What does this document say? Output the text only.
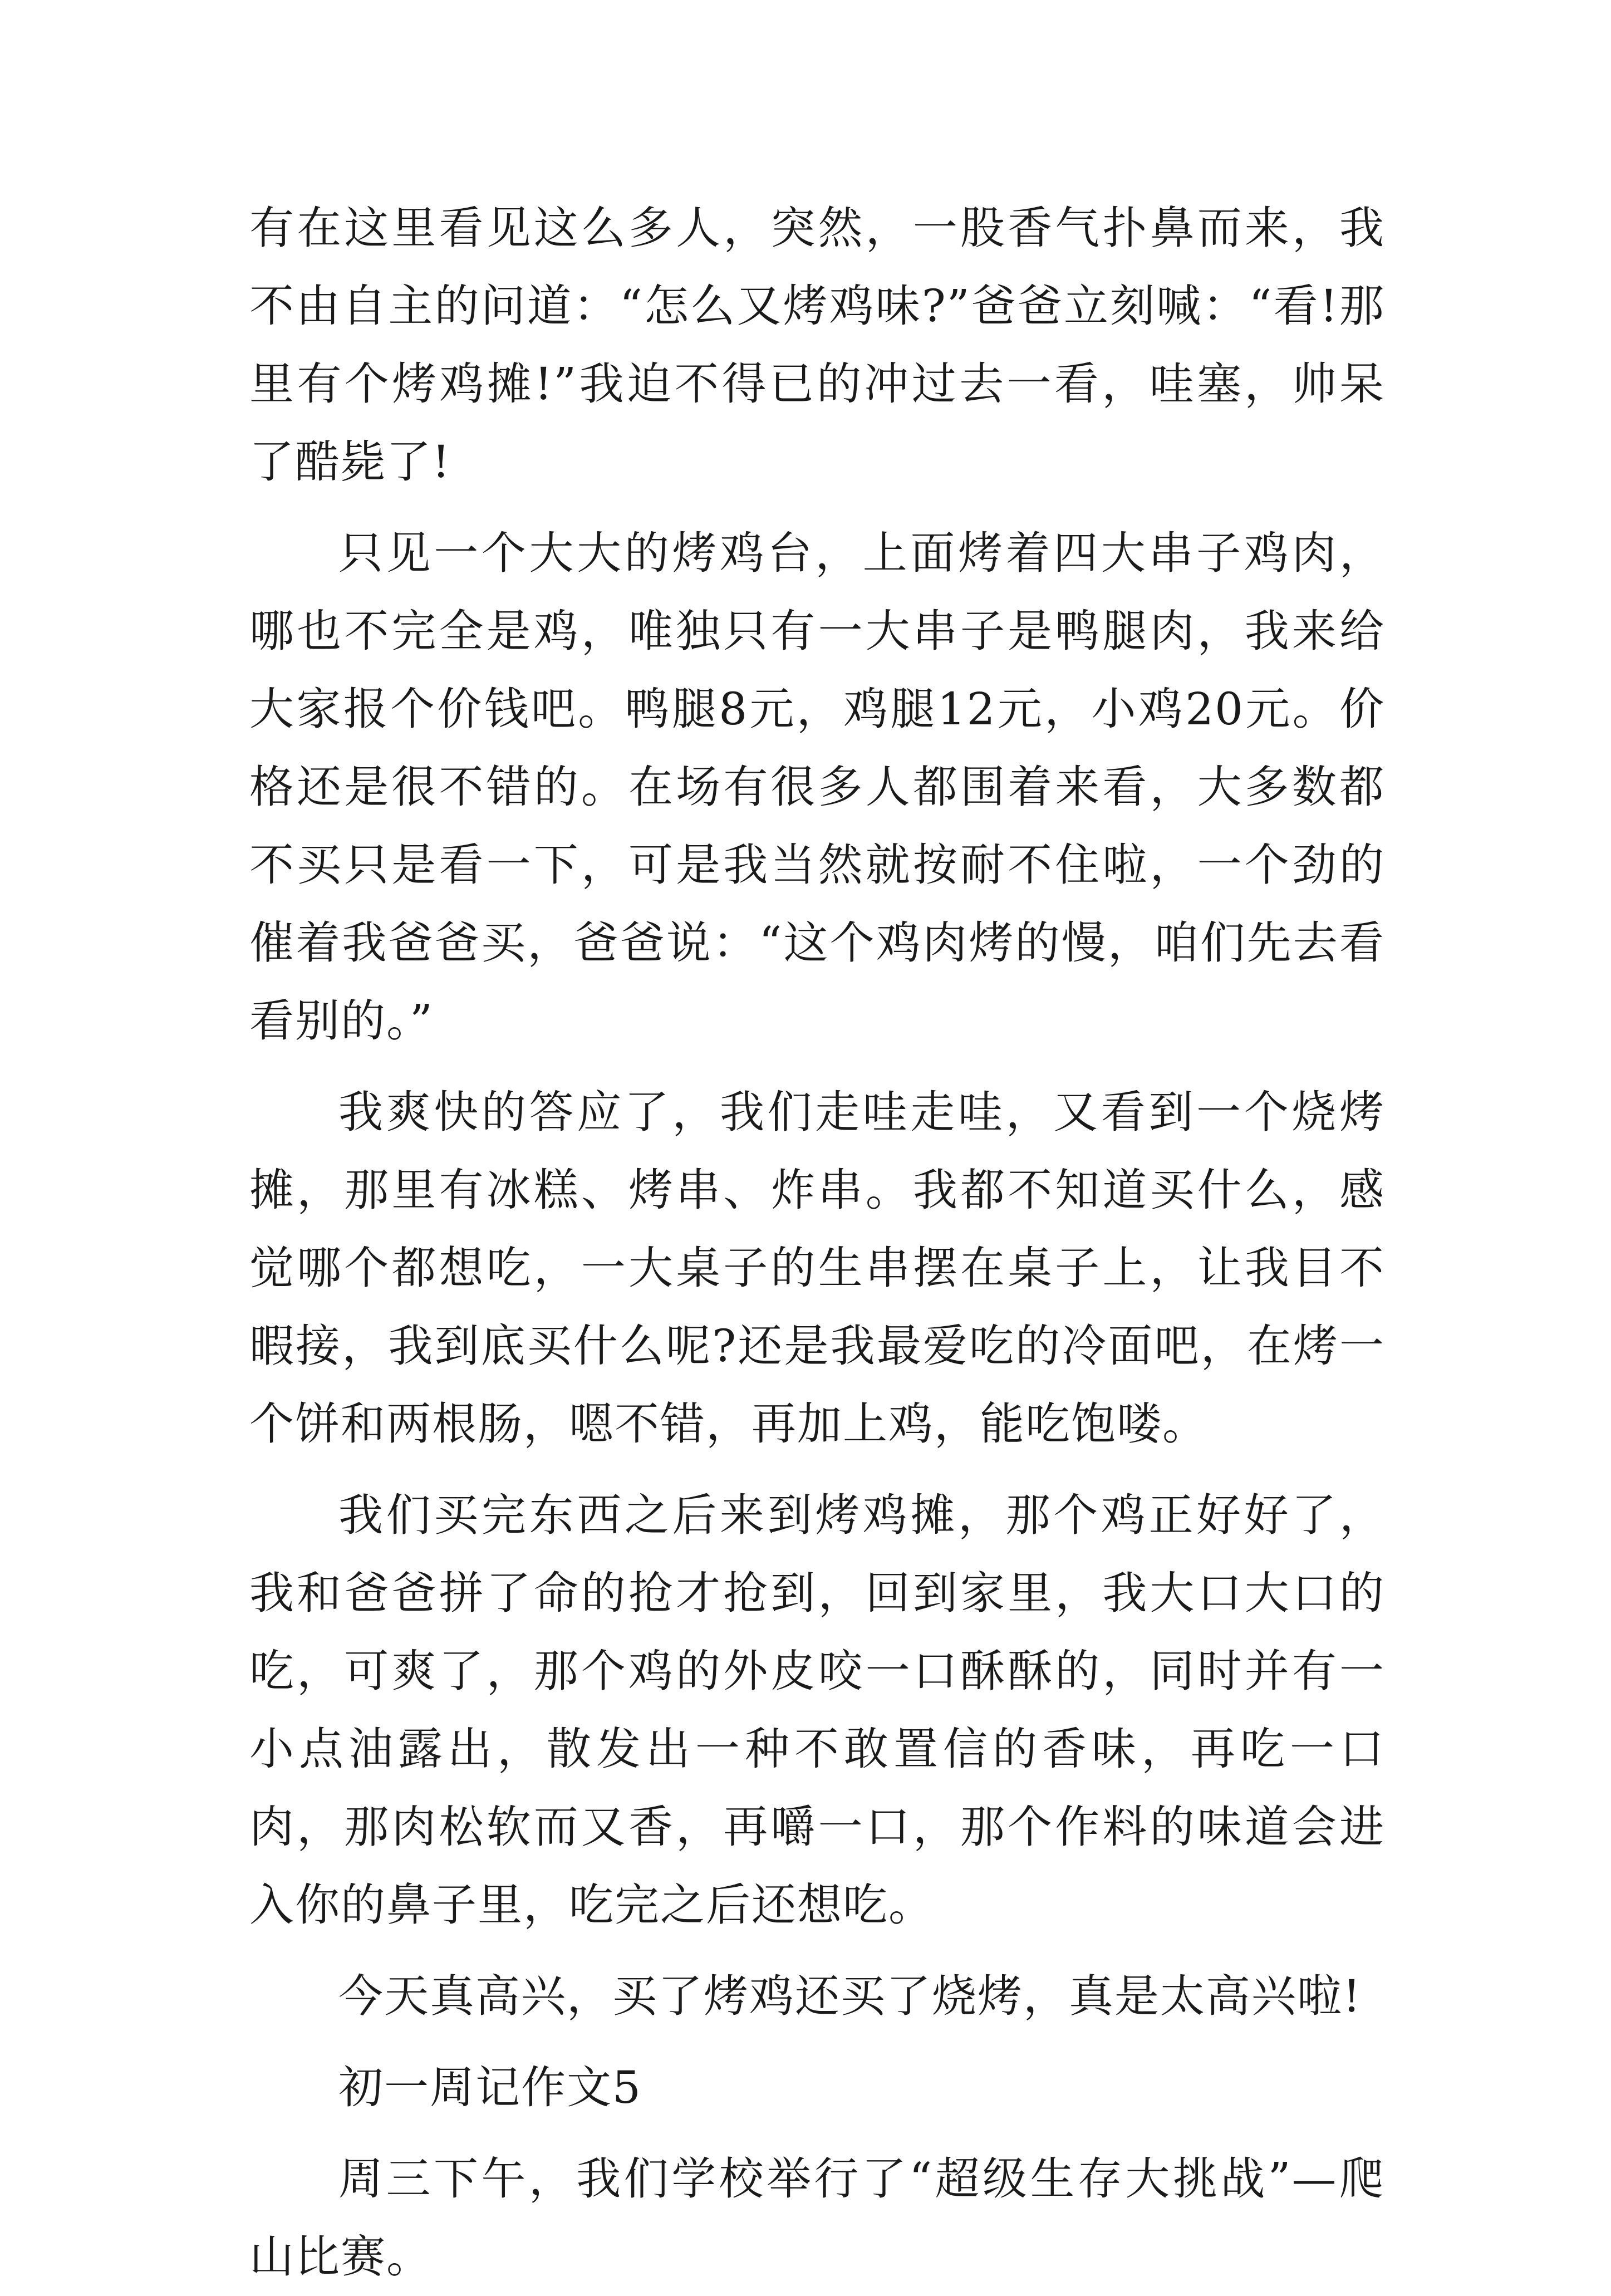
有在这里看见这么多人，突然，一股香气扑鼻而来，我不由自主的问道：“怎么又烤鸡味?”爸爸立刻喊：“看!那里有个烤鸡摊!”我迫不得已的冲过去一看，哇塞，帅呆了酷毙了!

只见一个大大的烤鸡台，上面烤着四大串子鸡肉，哪也不完全是鸡，唯独只有一大串子是鸭腿肉，我来给大家报个价钱吧。鸭腿8元，鸡腿12元，小鸡20元。价格还是很不错的。在场有很多人都围着来看，大多数都不买只是看一下，可是我当然就按耐不住啦，一个劲的催着我爸爸买，爸爸说：“这个鸡肉烤的慢，咱们先去看看别的。”

我爽快的答应了，我们走哇走哇，又看到一个烧烤摊，那里有冰糕、烤串、炸串。我都不知道买什么，感觉哪个都想吃，一大桌子的生串摆在桌子上，让我目不暇接，我到底买什么呢?还是我最爱吃的冷面吧，在烤一个饼和两根肠，嗯不错，再加上鸡，能吃饱喽。

我们买完东西之后来到烤鸡摊，那个鸡正好好了，我和爸爸拼了命的抢才抢到，回到家里，我大口大口的吃，可爽了，那个鸡的外皮咬一口酥酥的，同时并有一小点油露出，散发出一种不敢置信的香味，再吃一口肉，那肉松软而又香，再嚼一口，那个作料的味道会进入你的鼻子里，吃完之后还想吃。

今天真高兴，买了烤鸡还买了烧烤，真是太高兴啦!

初一周记作文5

周三下午，我们学校举行了“超级生存大挑战”—爬山比赛。
